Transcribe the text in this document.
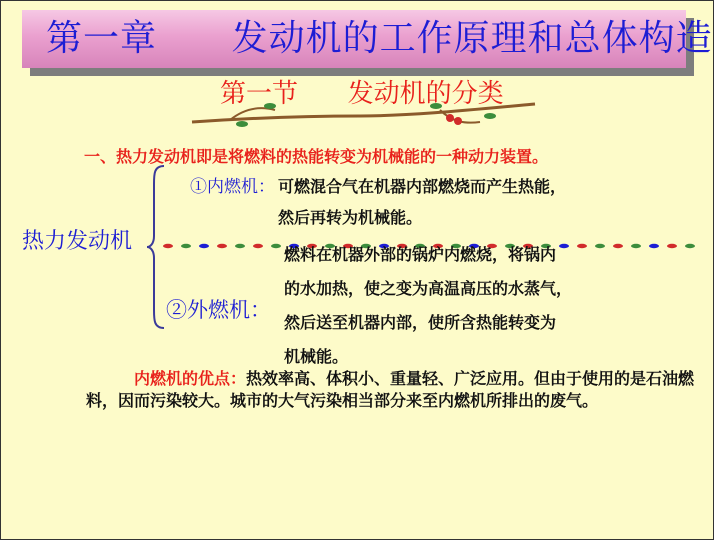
第一章      发动机的工作原理和总体构造
第一节      发动机的分类
一、热力发动机即是将燃料的热能转变为机械能的一种动力装置。
热力发动机
①内燃机： 可燃混合气在机器内部燃烧而产生热能，
然后再转为机械能。
②外燃机：
燃料在机器外部的锅炉内燃烧，将锅内
的水加热，使之变为高温高压的水蒸气，
然后送至机器内部，使所含热能转变为
机械能。
内燃机的优点：热效率高、体积小、重量轻、广泛应用。但由于使用的是石油燃料，因而污染较大。城市的大气污染相当部分来至内燃机所排出的废气。
